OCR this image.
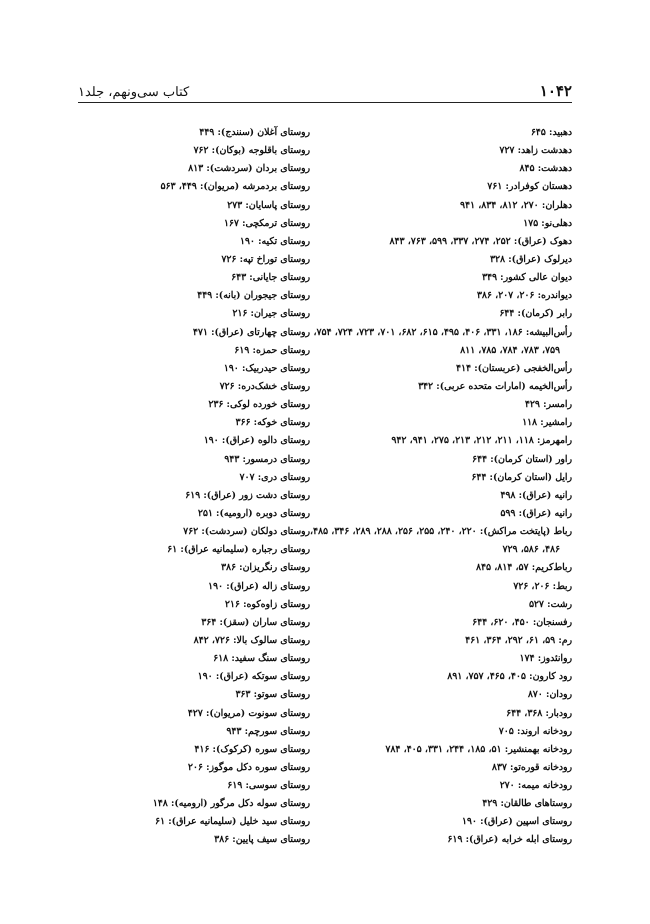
۱۰۴۲
کتاب سی‌ونهم، جلد۱
دهبید: ۶۴۵
دهدشت زاهد: ۷۲۷
دهدشت: ۸۴۵
دهستان کوفرادر: ۷۶۱
دهلران: ۲۷۰، ۸۱۲، ۸۳۴، ۹۴۱
دهلی‌نو: ۱۷۵
دهوک (عراق): ۲۵۲، ۲۷۴، ۳۳۷، ۵۹۹، ۷۶۳، ۸۴۳
دیرلوک (عراق): ۳۲۸
دیوان عالی کشور: ۳۴۹
دیواندره: ۲۰۶، ۲۰۷، ۳۸۶
رابر (کرمان): ۶۴۴
رأس‌البیشه: ۱۸۶، ۳۳۱، ۴۰۶، ۴۹۵، ۶۱۵، ۶۸۲، ۷۰۱، ۷۲۳، ۷۲۴، ۷۵۴،
۷۵۹، ۷۸۳، ۷۸۴، ۷۸۵، ۸۱۱
رأس‌الخفجی (عربستان): ۴۱۴
رأس‌الخیمه (امارات متحده عربی): ۳۴۲
رامسر: ۴۲۹
رامشیر: ۱۱۸
رامهرمز: ۱۱۸، ۲۱۱، ۲۱۲، ۲۱۳، ۲۷۵، ۹۴۱، ۹۴۲
راور (استان کرمان): ۶۴۴
رایل (استان کرمان): ۶۴۴
رانیه (عراق): ۴۹۸
رانیه (عراق): ۵۹۹
رباط (پایتخت مراکش): ۲۲۰، ۲۴۰، ۲۵۵، ۲۵۶، ۲۸۸، ۲۸۹، ۳۴۶، ۴۸۵،
۴۸۶، ۵۸۶، ۷۲۹
رباط‌کریم: ۵۷، ۸۱۴، ۸۴۵
ربط: ۲۰۶، ۷۲۶
رشت: ۵۲۷
رفسنجان: ۴۵۰، ۶۲۰، ۶۴۴
رم: ۵۹، ۶۱، ۲۹۲، ۳۶۴، ۴۶۱
روانئدوز: ۱۷۴
رود کارون: ۴۰۵، ۴۶۵، ۷۵۷، ۸۹۱
رودان: ۸۷۰
رودبار: ۳۶۸، ۶۴۴
رودخانه اروند: ۷۰۵
رودخانه بهمنشیر: ۵۱، ۱۸۵، ۲۴۴، ۳۳۱، ۴۰۵، ۷۸۴
رودخانه قوره‌تو: ۸۳۷
رودخانه میمه: ۲۷۰
روستاهای طالقان: ۴۲۹
روستای اسپین (عراق): ۱۹۰
روستای ابله خرابه (عراق): ۶۱۹
روستای آغلان (سنندج): ۴۴۹
روستای باقلوجه (بوکان): ۷۶۲
روستای بردان (سردشت): ۸۱۳
روستای بردمرشه (مریوان): ۴۴۹، ۵۶۳
روستای پاسایان: ۲۷۳
روستای ترمکچی: ۱۶۷
روستای تکیه: ۱۹۰
روستای توراخ تپه: ۷۲۶
روستای جایانی: ۶۴۳
روستای جیجوران (بانه): ۴۴۹
روستای جیران: ۲۱۶
روستای چهارتای (عراق): ۴۷۱
روستای حمزه: ۶۱۹
روستای حیدربیک: ۱۹۰
روستای خشک‌دره: ۷۲۶
روستای خورده لوکی: ۲۳۶
روستای خوکه: ۳۶۶
روستای دالوه (عراق): ۱۹۰
روستای درمسور: ۹۴۳
روستای دری: ۷۰۷
روستای دشت زور (عراق): ۶۱۹
روستای دوبره (ارومیه): ۲۵۱
روستای دولکان (سردشت): ۷۶۲
روستای رجباره (سلیمانیه عراق): ۶۱
روستای رنگریزان: ۳۸۶
روستای زاله (عراق): ۱۹۰
روستای زاوه‌کوه: ۲۱۶
روستای ساران (سقز): ۳۶۴
روستای سالوک بالا: ۷۲۶، ۸۴۲
روستای سنگ سفید: ۶۱۸
روستای سوتکه (عراق): ۱۹۰
روستای سوتو: ۳۶۳
روستای سونوت (مریوان): ۴۲۷
روستای سورچم: ۹۴۳
روستای سوره (کرکوک): ۴۱۶
روستای سوره دکل موگوز: ۲۰۶
روستای سوسی: ۶۱۹
روستای سوله دکل مرگور (ارومیه): ۱۴۸
روستای سید خلیل (سلیمانیه عراق): ۶۱
روستای سیف پایین: ۳۸۶
